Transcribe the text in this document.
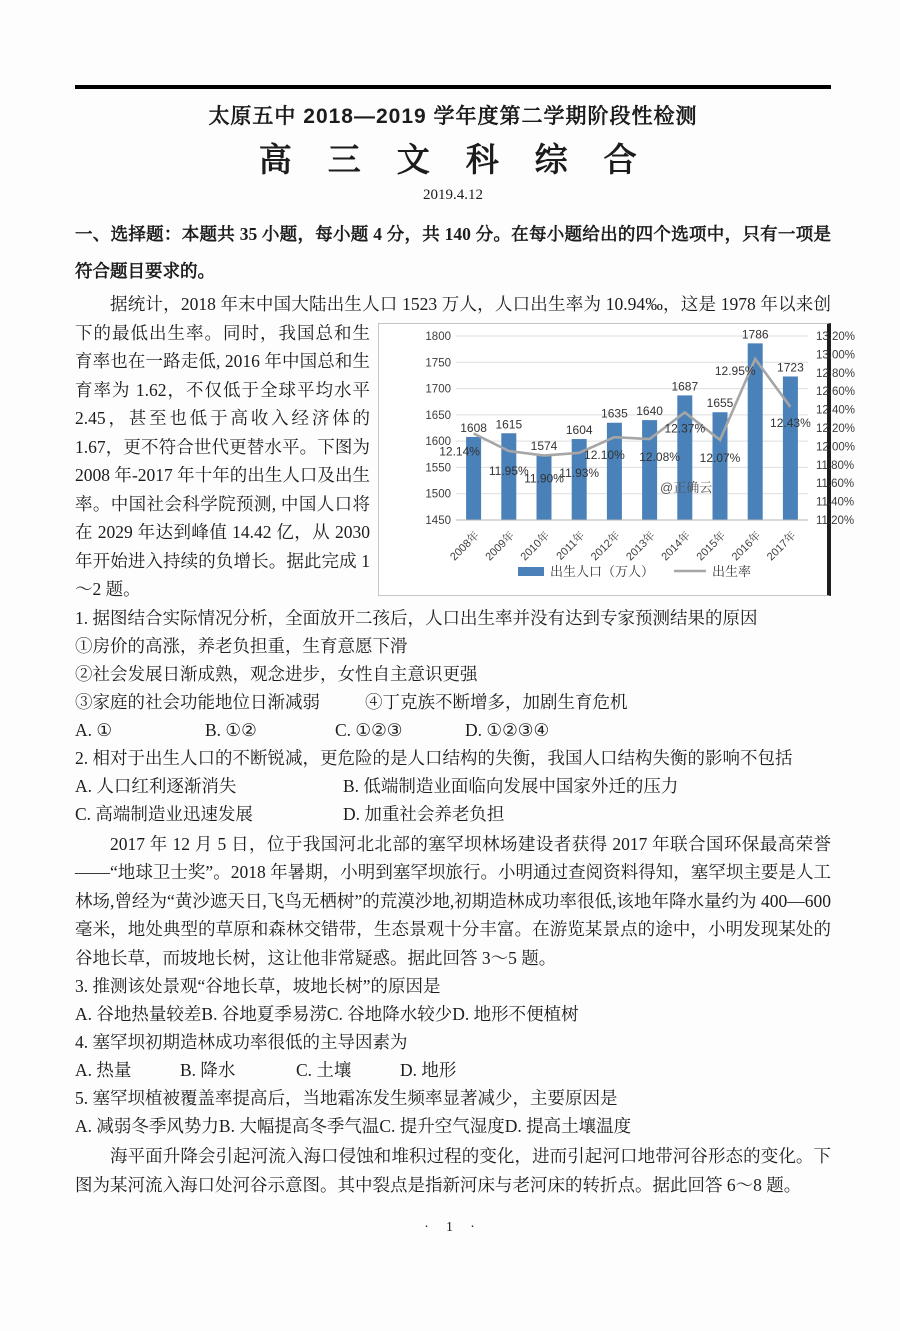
太原五中 2018—2019 学年度第二学期阶段性检测
高 三 文 科 综 合
2019.4.12
一、选择题：本题共 35 小题，每小题 4 分，共 140 分。在每小题给出的四个选项中，只有一项是符合题目要求的。

据统计，2018 年末中国大陆出生人口 1523 万人，人口出生率为 10.94‰，这是 1978 年以来创
1450
1500
1550
1600
1650
1700
1750
1800
11.20%
11.40%
11.60%
11.80%
12.00%
12.20%
12.40%
12.60%
12.80%
13.00%
13.20%
1608 1615
1574
1604
1635 1640
1687
1655
1786
1723
2008年 2009年 2010年 2011年 2012年 2013年 2014年 2015年 2016年 2017年
12.14%
11.95%
11.90%
11.93%
12.10% 12.08%
12.37%
12.07%
12.95%
12.43%
@正确云
出生人口（万人）	出生率
下的最低出生率。同时，我国总和生育率也在一路走低, 2016 年中国总和生育率为 1.62，不仅低于全球平均水平 2.45，甚至也低于高收入经济体的 1.67，更不符合世代更替水平。下图为 2008 年-2017 年十年的出生人口及出生率。中国社会科学院预测, 中国人口将在 2029 年达到峰值 14.42 亿，从 2030 年开始进入持续的负增长。据此完成 1～2 题。

1. 据图结合实际情况分析，全面放开二孩后，人口出生率并没有达到专家预测结果的原因
①房价的高涨，养老负担重，生育意愿下滑
②社会发展日渐成熟，观念进步，女性自主意识更强
③家庭的社会功能地位日渐减弱	④丁克族不断增多，加剧生育危机
A. ①	B. ①②	C. ①②③	D. ①②③④
2. 相对于出生人口的不断锐减，更危险的是人口结构的失衡，我国人口结构失衡的影响不包括
A. 人口红利逐渐消失	B. 低端制造业面临向发展中国家外迁的压力
C. 高端制造业迅速发展	D. 加重社会养老负担

2017 年 12 月 5 日，位于我国河北北部的塞罕坝林场建设者获得 2017 年联合国环保最高荣誉——“地球卫士奖”。2018 年暑期，小明到塞罕坝旅行。小明通过查阅资料得知，塞罕坝主要是人工林场,曾经为“黄沙遮天日,飞鸟无栖树”的荒漠沙地,初期造林成功率很低,该地年降水量约为 400—600 毫米，地处典型的草原和森林交错带，生态景观十分丰富。在游览某景点的途中，小明发现某处的谷地长草，而坡地长树，这让他非常疑惑。据此回答 3～5 题。

3. 推测该处景观“谷地长草，坡地长树”的原因是
A. 谷地热量较差B. 谷地夏季易涝C. 谷地降水较少D. 地形不便植树
4. 塞罕坝初期造林成功率很低的主导因素为
A. 热量	B. 降水	C. 土壤	D. 地形
5. 塞罕坝植被覆盖率提高后，当地霜冻发生频率显著减少，主要原因是
A. 减弱冬季风势力B. 大幅提高冬季气温C. 提升空气湿度D. 提高土壤温度

海平面升降会引起河流入海口侵蚀和堆积过程的变化，进而引起河口地带河谷形态的变化。下图为某河流入海口处河谷示意图。其中裂点是指新河床与老河床的转折点。据此回答 6～8 题。

· 1 ·
